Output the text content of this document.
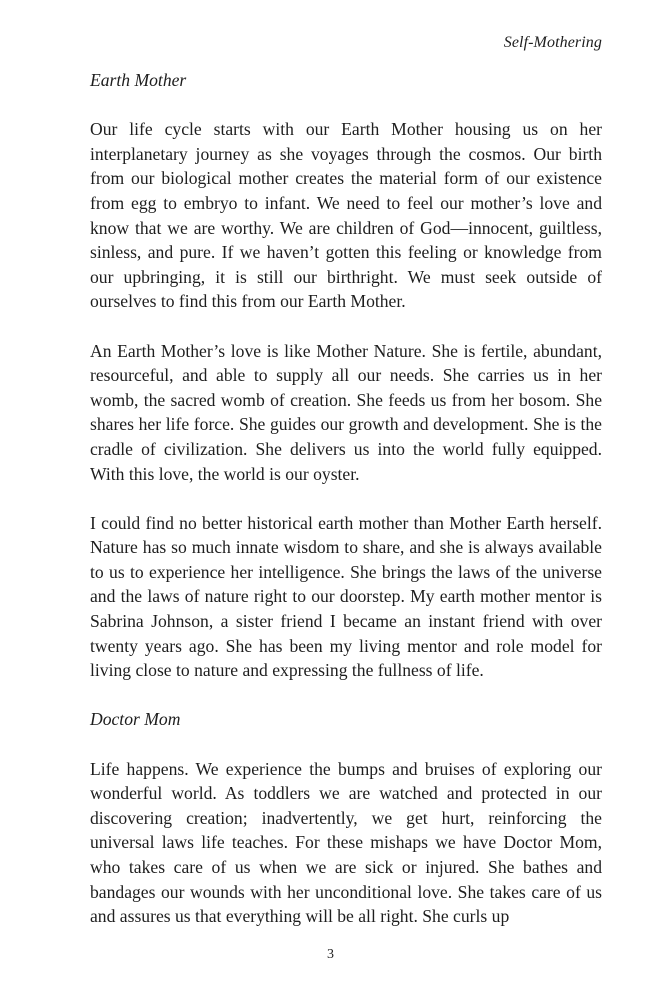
Self-Mothering
Earth Mother

Our life cycle starts with our Earth Mother housing us on her interplanetary journey as she voyages through the cosmos. Our birth from our biological mother creates the material form of our existence from egg to embryo to infant. We need to feel our mother’s love and know that we are worthy. We are children of God—innocent, guiltless, sinless, and pure. If we haven’t gotten this feeling or knowledge from our upbringing, it is still our birthright. We must seek outside of ourselves to find this from our Earth Mother.

An Earth Mother’s love is like Mother Nature. She is fertile, abundant, resourceful, and able to supply all our needs. She carries us in her womb, the sacred womb of creation. She feeds us from her bosom. She shares her life force. She guides our growth and development. She is the cradle of civilization. She delivers us into the world fully equipped. With this love, the world is our oyster.

I could find no better historical earth mother than Mother Earth herself. Nature has so much innate wisdom to share, and she is always available to us to experience her intelligence. She brings the laws of the universe and the laws of nature right to our doorstep. My earth mother mentor is Sabrina Johnson, a sister friend I became an instant friend with over twenty years ago. She has been my living mentor and role model for living close to nature and expressing the fullness of life.

Doctor Mom

Life happens. We experience the bumps and bruises of exploring our wonderful world. As toddlers we are watched and protected in our discovering creation; inadvertently, we get hurt, reinforcing the universal laws life teaches. For these mishaps we have Doctor Mom, who takes care of us when we are sick or injured. She bathes and bandages our wounds with her unconditional love. She takes care of us and assures us that everything will be all right. She curls up

3
